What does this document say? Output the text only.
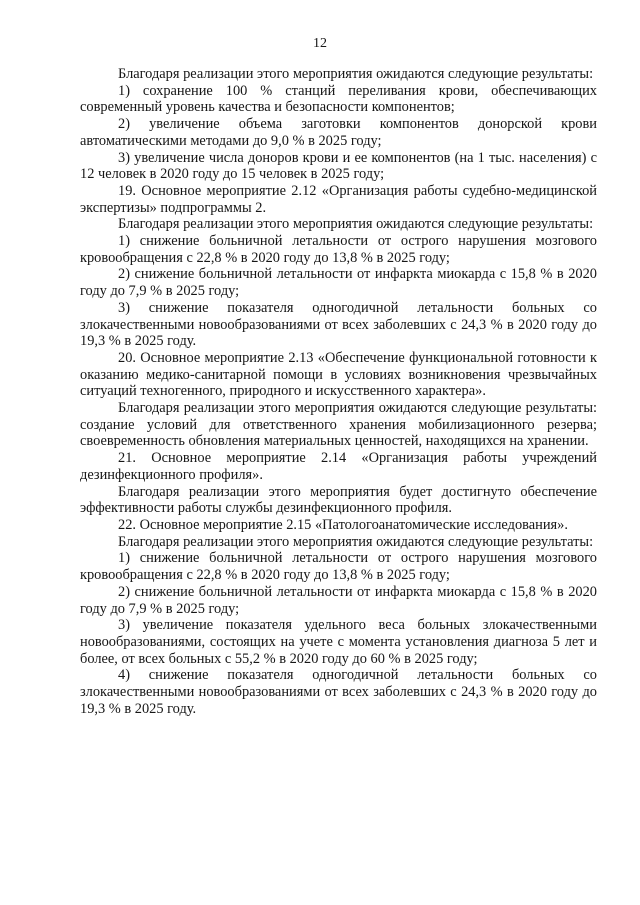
12

Благодаря реализации этого мероприятия ожидаются следующие результаты:

1) сохранение 100 % станций переливания крови, обеспечивающих современный уровень качества и безопасности компонентов;

2) увеличение объема заготовки компонентов донорской крови автоматическими методами до 9,0 % в 2025 году;

3) увеличение числа доноров крови и ее компонентов (на 1 тыс. населения) с 12 человек в 2020 году до 15 человек в 2025 году;

19. Основное мероприятие 2.12 «Организация работы судебно-медицинской экспертизы» подпрограммы 2.

Благодаря реализации этого мероприятия ожидаются следующие результаты:

1) снижение больничной летальности от острого нарушения мозгового кровообращения с 22,8 % в 2020 году до 13,8 % в 2025 году;

2) снижение больничной летальности от инфаркта миокарда с 15,8 % в 2020 году до 7,9 % в 2025 году;

3) снижение показателя одногодичной летальности больных со злокачественными новообразованиями от всех заболевших с 24,3 % в 2020 году до 19,3 % в 2025 году.

20. Основное мероприятие 2.13 «Обеспечение функциональной готовности к оказанию медико-санитарной помощи в условиях возникновения чрезвычайных ситуаций техногенного, природного и искусственного характера».

Благодаря реализации этого мероприятия ожидаются следующие результаты: создание условий для ответственного хранения мобилизационного резерва; своевременность обновления материальных ценностей, находящихся на хранении.

21. Основное мероприятие 2.14 «Организация работы учреждений дезинфекционного профиля».

Благодаря реализации этого мероприятия будет достигнуто обеспечение эффективности работы службы дезинфекционного профиля.

22. Основное мероприятие 2.15 «Патологоанатомические исследования».

Благодаря реализации этого мероприятия ожидаются следующие результаты:

1) снижение больничной летальности от острого нарушения мозгового кровообращения с 22,8 % в 2020 году до 13,8 % в 2025 году;

2) снижение больничной летальности от инфаркта миокарда с 15,8 % в 2020 году до 7,9 % в 2025 году;

3) увеличение показателя удельного веса больных злокачественными новообразованиями, состоящих на учете с момента установления диагноза 5 лет и более, от всех больных с 55,2 % в 2020 году до 60 % в 2025 году;

4) снижение показателя одногодичной летальности больных со злокачественными новообразованиями от всех заболевших с 24,3 % в 2020 году до 19,3 % в 2025 году.
